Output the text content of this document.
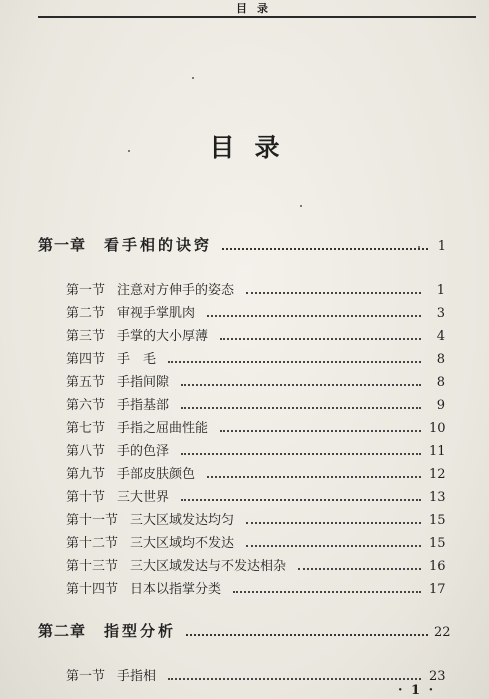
目录
目录
第一章 看手相的诀窍	1
第一节 注意对方伸手的姿态	1
第二节 审视手掌肌肉	3
第三节 手掌的大小厚薄	4
第四节 手　毛	8
第五节 手指间隙	8
第六节 手指基部	9
第七节 手指之屈曲性能	10
第八节 手的色泽	11
第九节 手部皮肤颜色	12
第十节 三大世界	13
第十一节 三大区域发达均匀	15
第十二节 三大区域均不发达	15
第十三节 三大区域发达与不发达相杂	16
第十四节 日本以指掌分类	17
第二章 指型分析	22
第一节 手指相	23
· 1 ·
